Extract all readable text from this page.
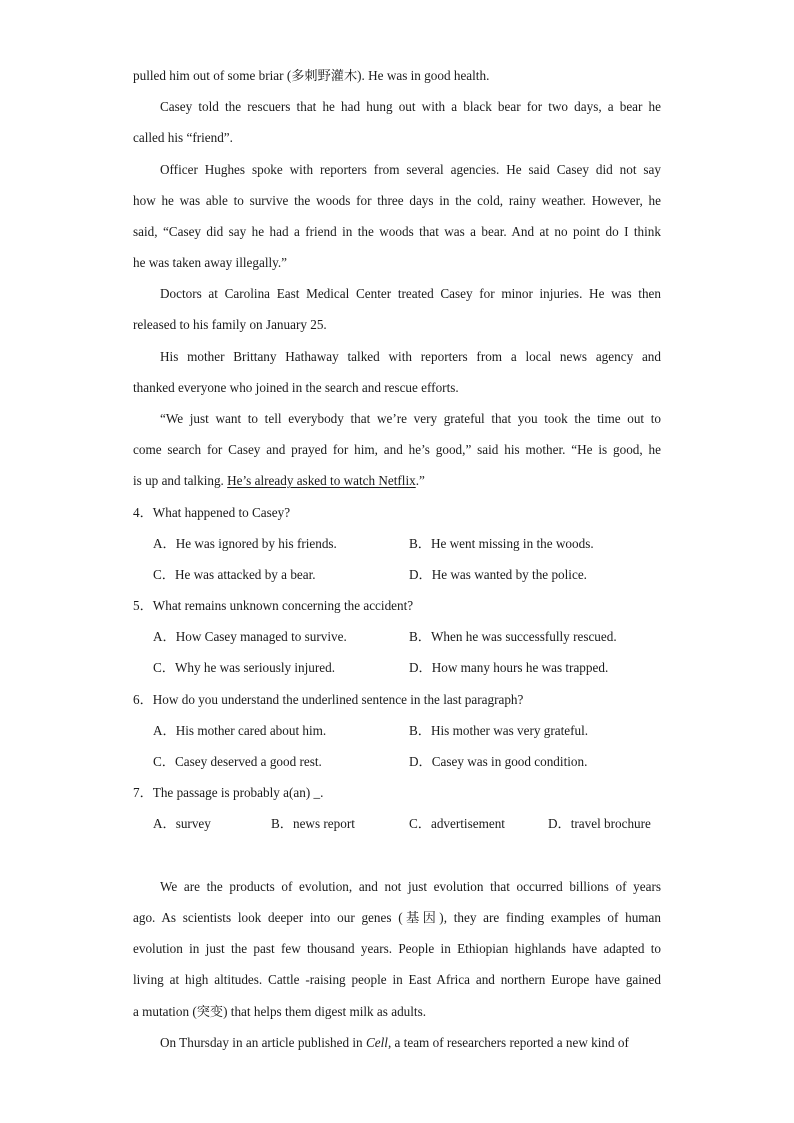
pulled him out of some briar (多刺野灌木). He was in good health.
Casey told the rescuers that he had hung out with a black bear for two days, a bear he
called his “friend”.
Officer Hughes spoke with reporters from several agencies. He said Casey did not say
how he was able to survive the woods for three days in the cold, rainy weather. However, he
said, “Casey did say he had a friend in the woods that was a bear. And at no point do I think
he was taken away illegally.”
Doctors at Carolina East Medical Center treated Casey for minor injuries. He was then
released to his family on January 25.
His mother Brittany Hathaway talked with reporters from a local news agency and
thanked everyone who joined in the search and rescue efforts.
“We just want to tell everybody that we’re very grateful that you took the time out to
come search for Casey and prayed for him, and he’s good,” said his mother. “He is good, he
is up and talking. He’s already asked to watch Netflix.”
4．What happened to Casey?
A．He was ignored by his friends.	B．He went missing in the woods.
C．He was attacked by a bear.	D．He was wanted by the police.
5．What remains unknown concerning the accident?
A．How Casey managed to survive.	B．When he was successfully rescued.
C．Why he was seriously injured.	D．How many hours he was trapped.
6．How do you understand the underlined sentence in the last paragraph?
A．His mother cared about him.	B．His mother was very grateful.
C．Casey deserved a good rest.	D．Casey was in good condition.
7．The passage is probably a(an) _.
A．survey	B．news report	C．advertisement	D．travel brochure
We are the products of evolution, and not just evolution that occurred billions of years
ago. As scientists look deeper into our genes (基因), they are finding examples of human
evolution in just the past few thousand years. People in Ethiopian highlands have adapted to
living at high altitudes. Cattle -raising people in East Africa and northern Europe have gained
a mutation (突变) that helps them digest milk as adults.
On Thursday in an article published in Cell, a team of researchers reported a new kind of
